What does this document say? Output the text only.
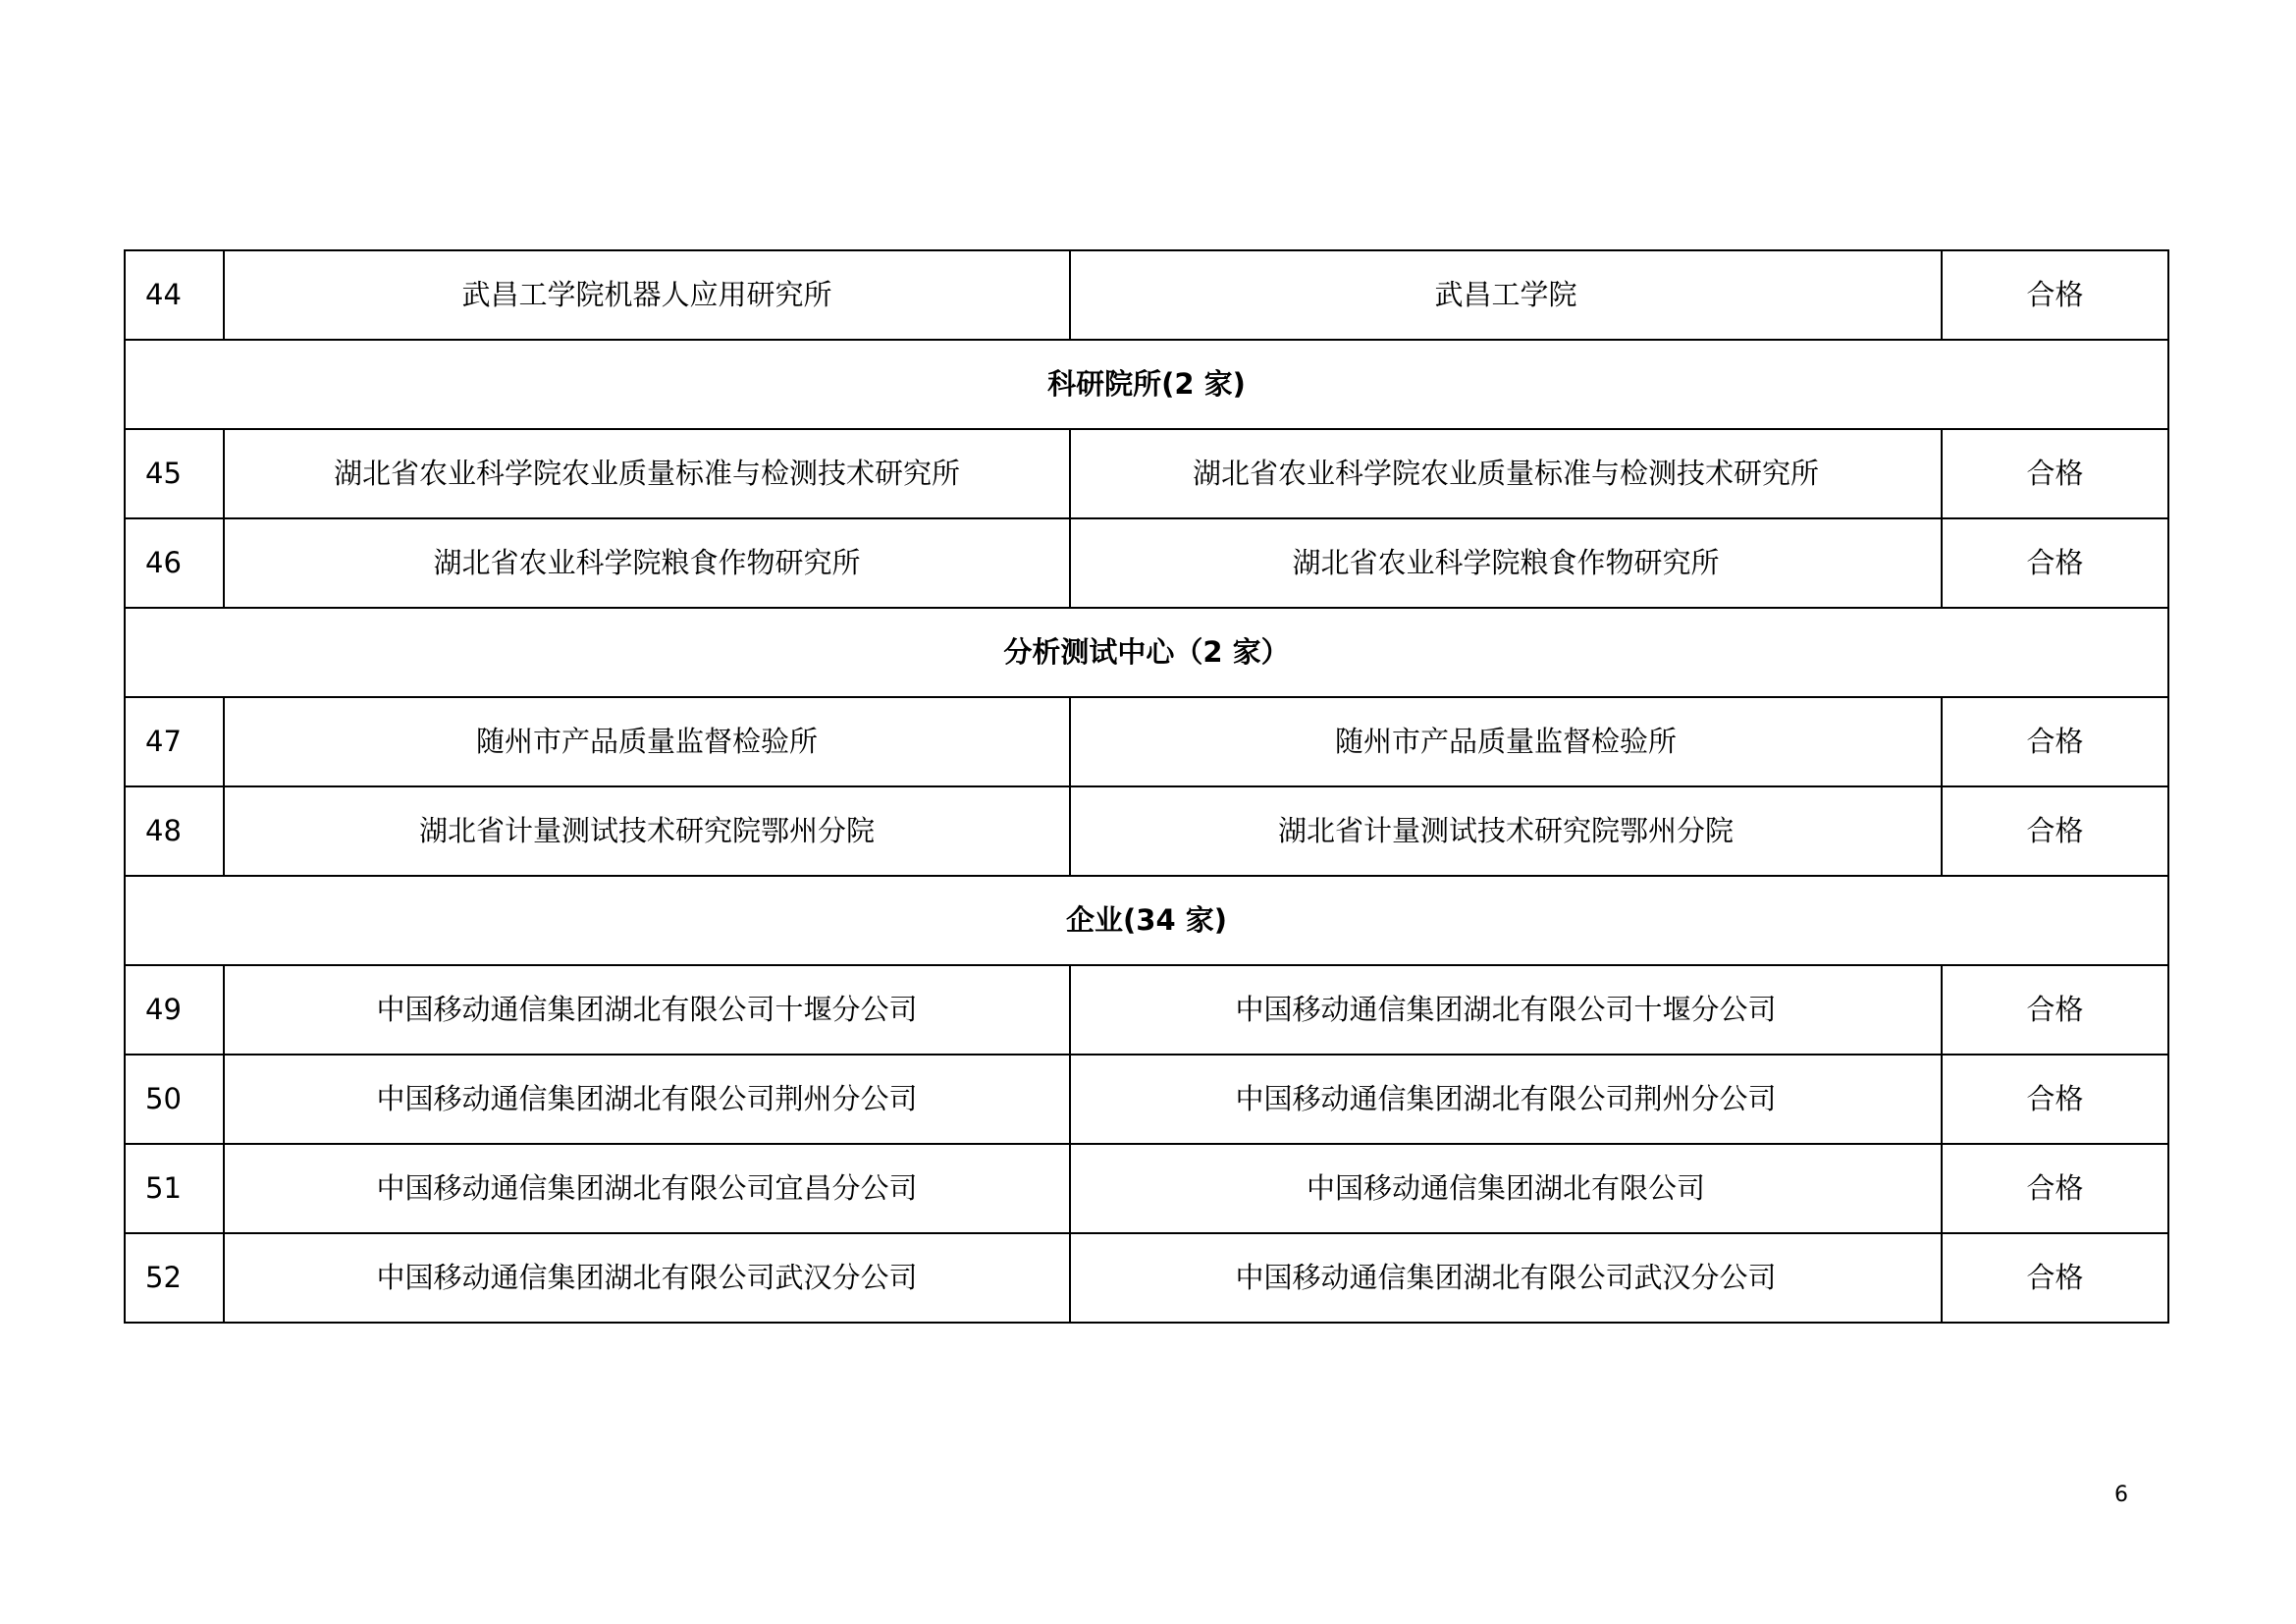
44	武昌工学院机器人应用研究所	武昌工学院	合格
科研院所(2 家)			
45	湖北省农业科学院农业质量标准与检测技术研究所	湖北省农业科学院农业质量标准与检测技术研究所	合格
46	湖北省农业科学院粮食作物研究所	湖北省农业科学院粮食作物研究所	合格
分析测试中心（2 家）			
47	随州市产品质量监督检验所	随州市产品质量监督检验所	合格
48	湖北省计量测试技术研究院鄂州分院	湖北省计量测试技术研究院鄂州分院	合格
企业(34 家)			
49	中国移动通信集团湖北有限公司十堰分公司	中国移动通信集团湖北有限公司十堰分公司	合格
50	中国移动通信集团湖北有限公司荆州分公司	中国移动通信集团湖北有限公司荆州分公司	合格
51	中国移动通信集团湖北有限公司宜昌分公司	中国移动通信集团湖北有限公司	合格
52	中国移动通信集团湖北有限公司武汉分公司	中国移动通信集团湖北有限公司武汉分公司	合格
6
